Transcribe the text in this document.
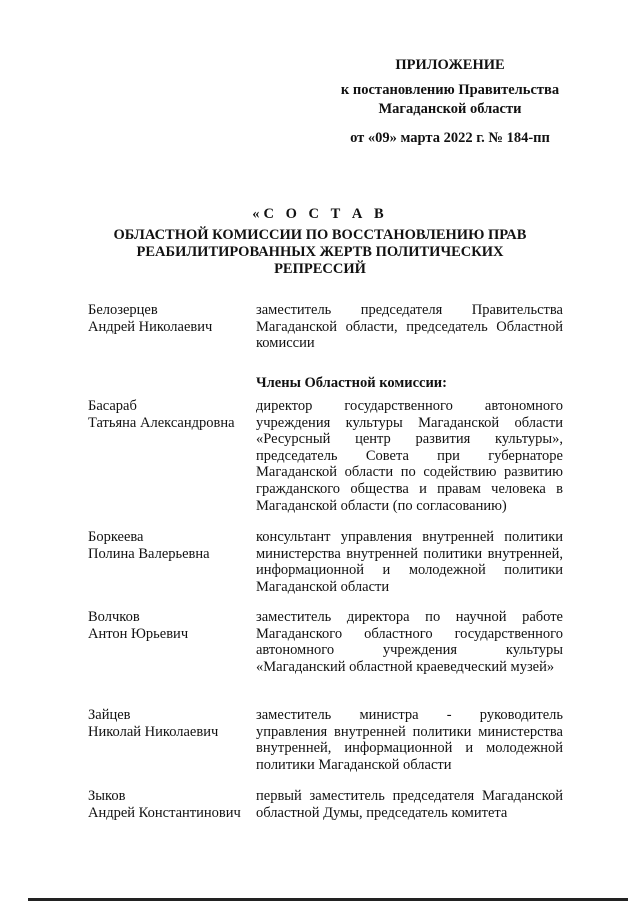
ПРИЛОЖЕНИЕ
к постановлению Правительства
Магаданской области
от «09» марта 2022 г. № 184-пп
«С О С Т А В
ОБЛАСТНОЙ КОМИССИИ ПО ВОССТАНОВЛЕНИЮ ПРАВ
РЕАБИЛИТИРОВАННЫХ ЖЕРТВ ПОЛИТИЧЕСКИХ
РЕПРЕССИЙ
Белозерцев
Андрей Николаевич
заместитель председателя Правительства Магаданской области, председатель Областной комиссии
Члены Областной комиссии:
Басараб
Татьяна Александровна
директор государственного автономного учреждения культуры Магаданской области «Ресурсный центр развития культуры», председатель Совета при губернаторе Магаданской области по содействию развитию гражданского общества и правам человека в Магаданской области (по согласованию)
Боркеева
Полина Валерьевна
консультант управления внутренней политики министерства внутренней политики внутренней, информационной и молодежной политики Магаданской области
Волчков
Антон Юрьевич
заместитель директора по научной работе Магаданского областного государственного автономного учреждения культуры «Магаданский областной краеведческий музей»
Зайцев
Николай Николаевич
заместитель министра - руководитель управления внутренней политики министерства внутренней, информационной и молодежной политики Магаданской области
Зыков
Андрей Константинович
первый заместитель председателя Магаданской областной Думы, председатель комитета
